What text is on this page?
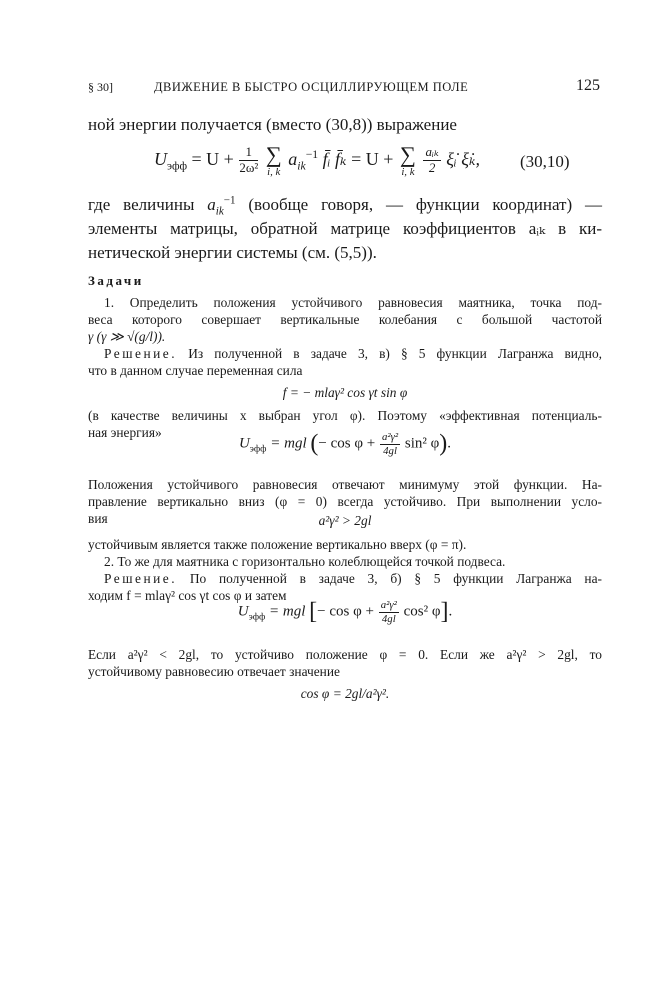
§ 30]	ДВИЖЕНИЕ В БЫСТРО ОСЦИЛЛИРУЮЩЕМ ПОЛЕ	125
ной энергии получается (вместо (30,8)) выражение
$U_{эфф} = U + \frac{1}{\text{2ω²}}$
∑
i, k
$a_{ik}^{-1}$ f̄ᵢ f̄ₖ = U + ∑
i, k
$\frac{\text{aᵢₖ}}{2}$ ξ̇ᵢ ξ̇ₖ, (30,10)
где величины $a_{ik}^{-1}$ (вообще говоря, — функции координат) —
элементы матрицы, обратной матрице коэффициентов aᵢₖ в ки-
нетической энергии системы (см. (5,5)).
Задачи
1. Определить положения устойчивого равновесия маятника, точка под-
веса которого совершает вертикальные колебания с большой частотой
γ (γ ≫ √(g/l)).
Решение. Из полученной в задаче 3, в) § 5 функции Лагранжа видно,
что в данном случае переменная сила
f = − mlaγ² cos γt sin φ
(в качестве величины x выбран угол φ). Поэтому «эффективная потенциаль-
ная энергия»
$U_{эфф}$ = mgl (− $\cos \varphi + \frac{\text{a²γ²}}{4gl} \sin^2$ φ).
Положения устойчивого равновесия отвечают минимуму этой функции. На-
правление вертикально вниз (φ = 0) всегда устойчиво. При выполнении усло-
вия	a²γ² > 2gl
устойчивым является также положение вертикально вверх (φ = π).
2. То же для маятника с горизонтально колеблющейся точкой подвеса.
Решение. По полученной в задаче 3, б) § 5 функции Лагранжа на-
ходим f = mlaγ² cos γt cos φ и затем
$U_{эфф}$ = mgl [− $\cos \varphi + \frac{\text{a²γ²}}{4gl} \cos^2$ φ].
Если a²γ² < 2gl, то устойчиво положение φ = 0. Если же a²γ² > 2gl, то
устойчивому равновесию отвечает значение
cos φ = 2gl/a²γ².
